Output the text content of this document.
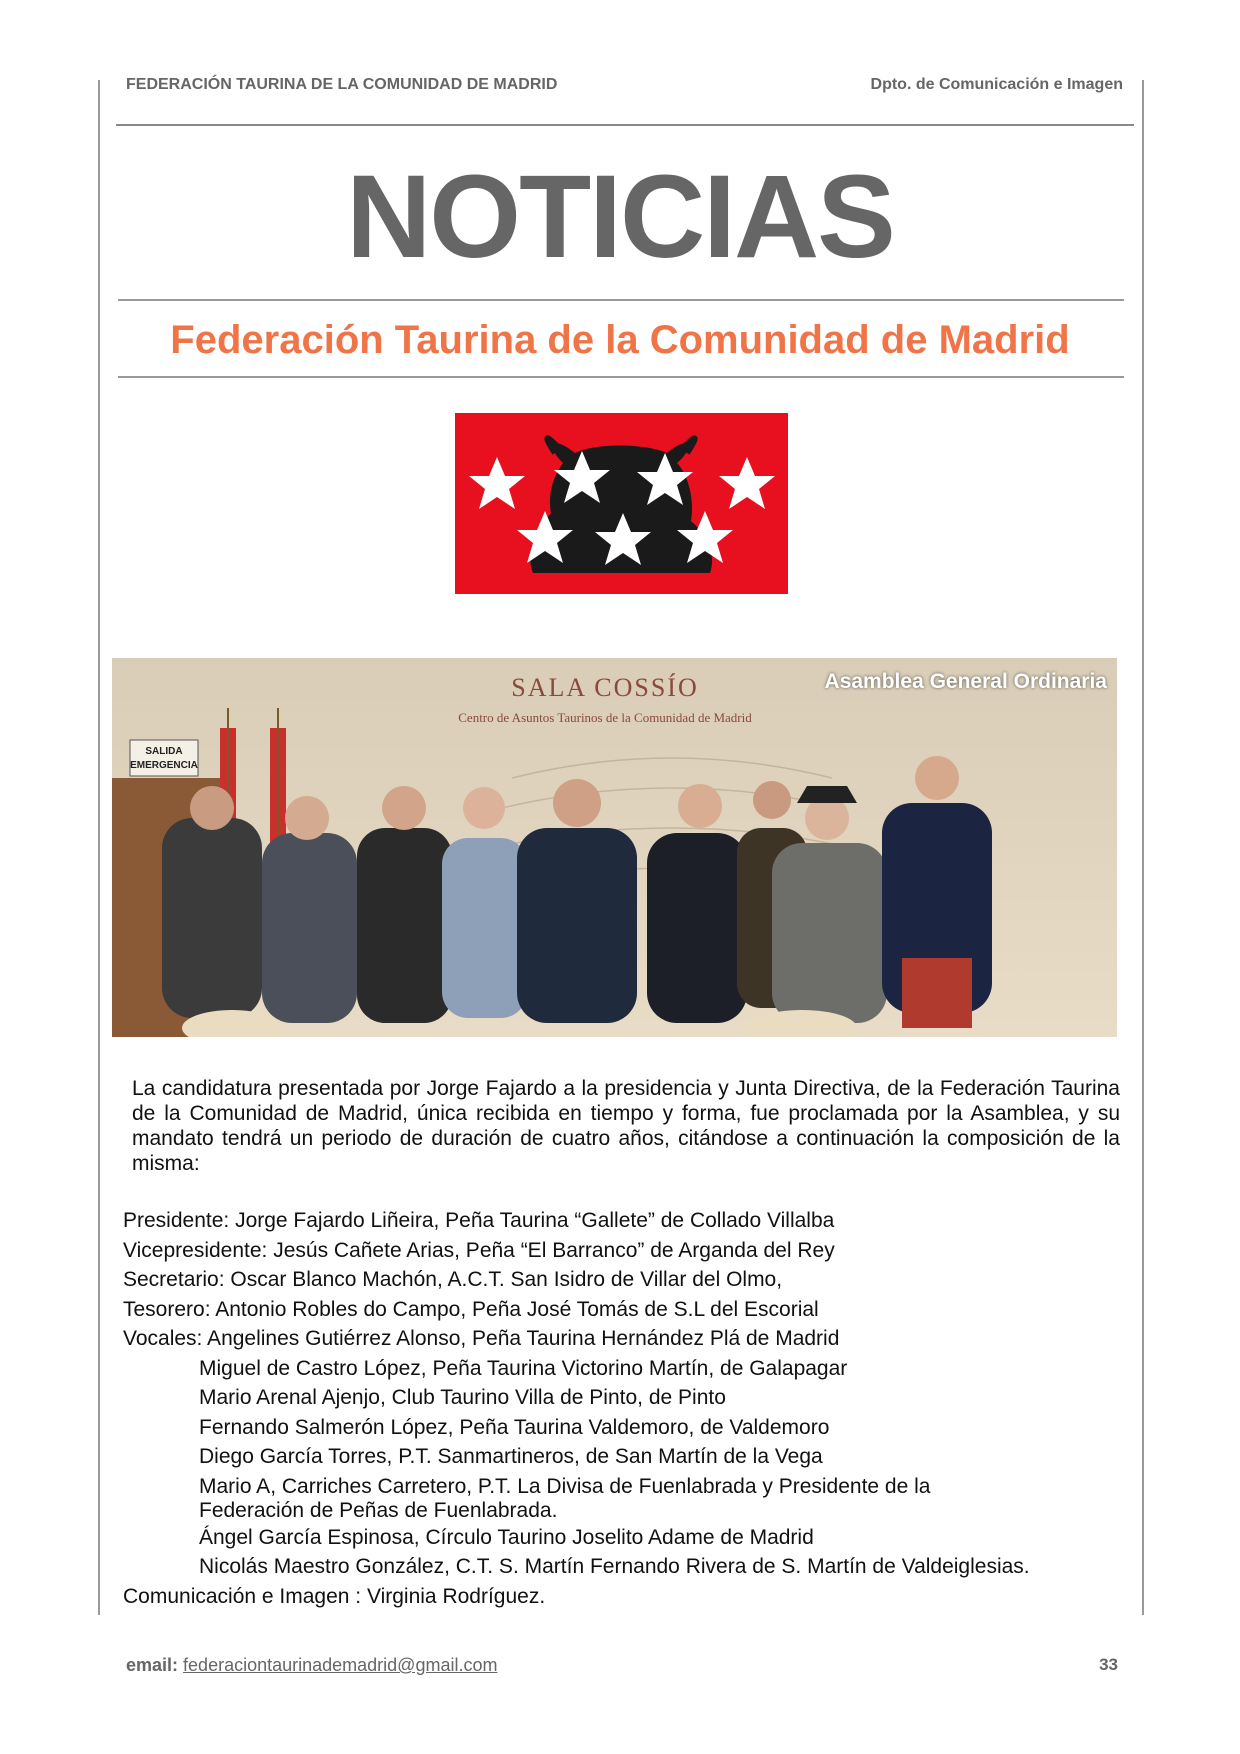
FEDERACIÓN TAURINA DE LA COMUNIDAD DE MADRID	Dpto. de Comunicación e Imagen
NOTICIAS
Federación Taurina de la Comunidad de Madrid
SALIDA
EMERGENCIA
SALA COSSÍO
Centro de Asuntos Taurinos de la Comunidad de Madrid
Asamblea General Ordinaria
La candidatura presentada por Jorge Fajardo a la presidencia y Junta Directiva, de la Federación Taurina de la Comunidad de Madrid, única recibida en tiempo y forma, fue proclamada por la Asamblea, y su mandato tendrá un periodo de duración de cuatro años, citándose a continuación la composición de la misma:
Presidente: Jorge Fajardo Liñeira, Peña Taurina “Gallete” de Collado Villalba
Vicepresidente: Jesús Cañete Arias, Peña “El Barranco” de Arganda del Rey
Secretario: Oscar Blanco Machón, A.C.T. San Isidro de Villar del Olmo,
Tesorero: Antonio Robles do Campo, Peña José Tomás de S.L del Escorial
Vocales: Angelines Gutiérrez Alonso, Peña Taurina Hernández Plá de Madrid
Miguel de Castro López, Peña Taurina Victorino Martín, de Galapagar
Mario Arenal Ajenjo, Club Taurino Villa de Pinto, de Pinto
Fernando Salmerón López, Peña Taurina Valdemoro, de Valdemoro
Diego García Torres, P.T. Sanmartineros, de San Martín de la Vega
Mario A, Carriches Carretero, P.T. La Divisa de Fuenlabrada y Presidente de la
Federación de Peñas de Fuenlabrada.
Ángel García Espinosa, Círculo Taurino Joselito Adame de Madrid
Nicolás Maestro González, C.T. S. Martín Fernando Rivera de S. Martín de Valdeiglesias.
Comunicación e Imagen : Virginia Rodríguez.
email: federaciontaurinademadrid@gmail.com	33
